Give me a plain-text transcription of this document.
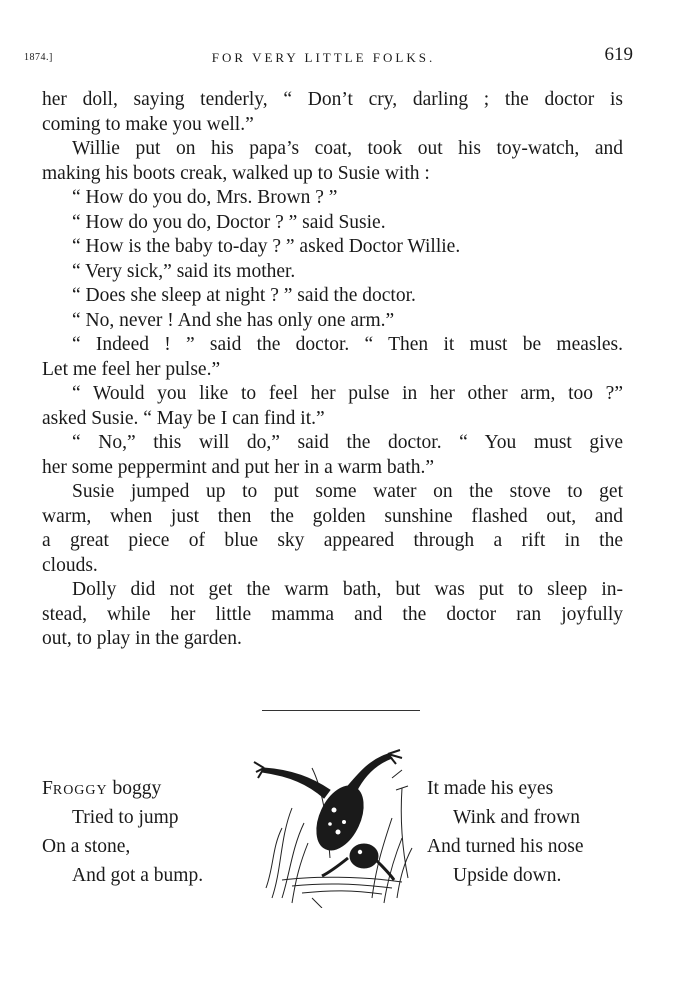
1874.]	FOR VERY LITTLE FOLKS.	619
her doll, saying tenderly, “ Don’t cry, darling ; the doctor is
coming to make you well.”
Willie put on his papa’s coat, took out his toy-watch, and
making his boots creak, walked up to Susie with :
“ How do you do, Mrs. Brown ? ”
“ How do you do, Doctor ? ” said Susie.
“ How is the baby to-day ? ” asked Doctor Willie.
“ Very sick,” said its mother.
“ Does she sleep at night ? ” said the doctor.
“ No, never ! And she has only one arm.”
“ Indeed ! ” said the doctor. “ Then it must be measles.
Let me feel her pulse.”
“ Would you like to feel her pulse in her other arm, too ?”
asked Susie. “ May be I can find it.”
“ No,” this will do,” said the doctor. “ You must give
her some peppermint and put her in a warm bath.”
Susie jumped up to put some water on the stove to get
warm, when just then the golden sunshine flashed out, and
a great piece of blue sky appeared through a rift in the
clouds.
Dolly did not get the warm bath, but was put to sleep in-
stead, while her little mamma and the doctor ran joyfully
out, to play in the garden.
FROGGY boggy
Tried to jump
On a stone,
And got a bump.
It made his eyes
Wink and frown
And turned his nose
Upside down.
